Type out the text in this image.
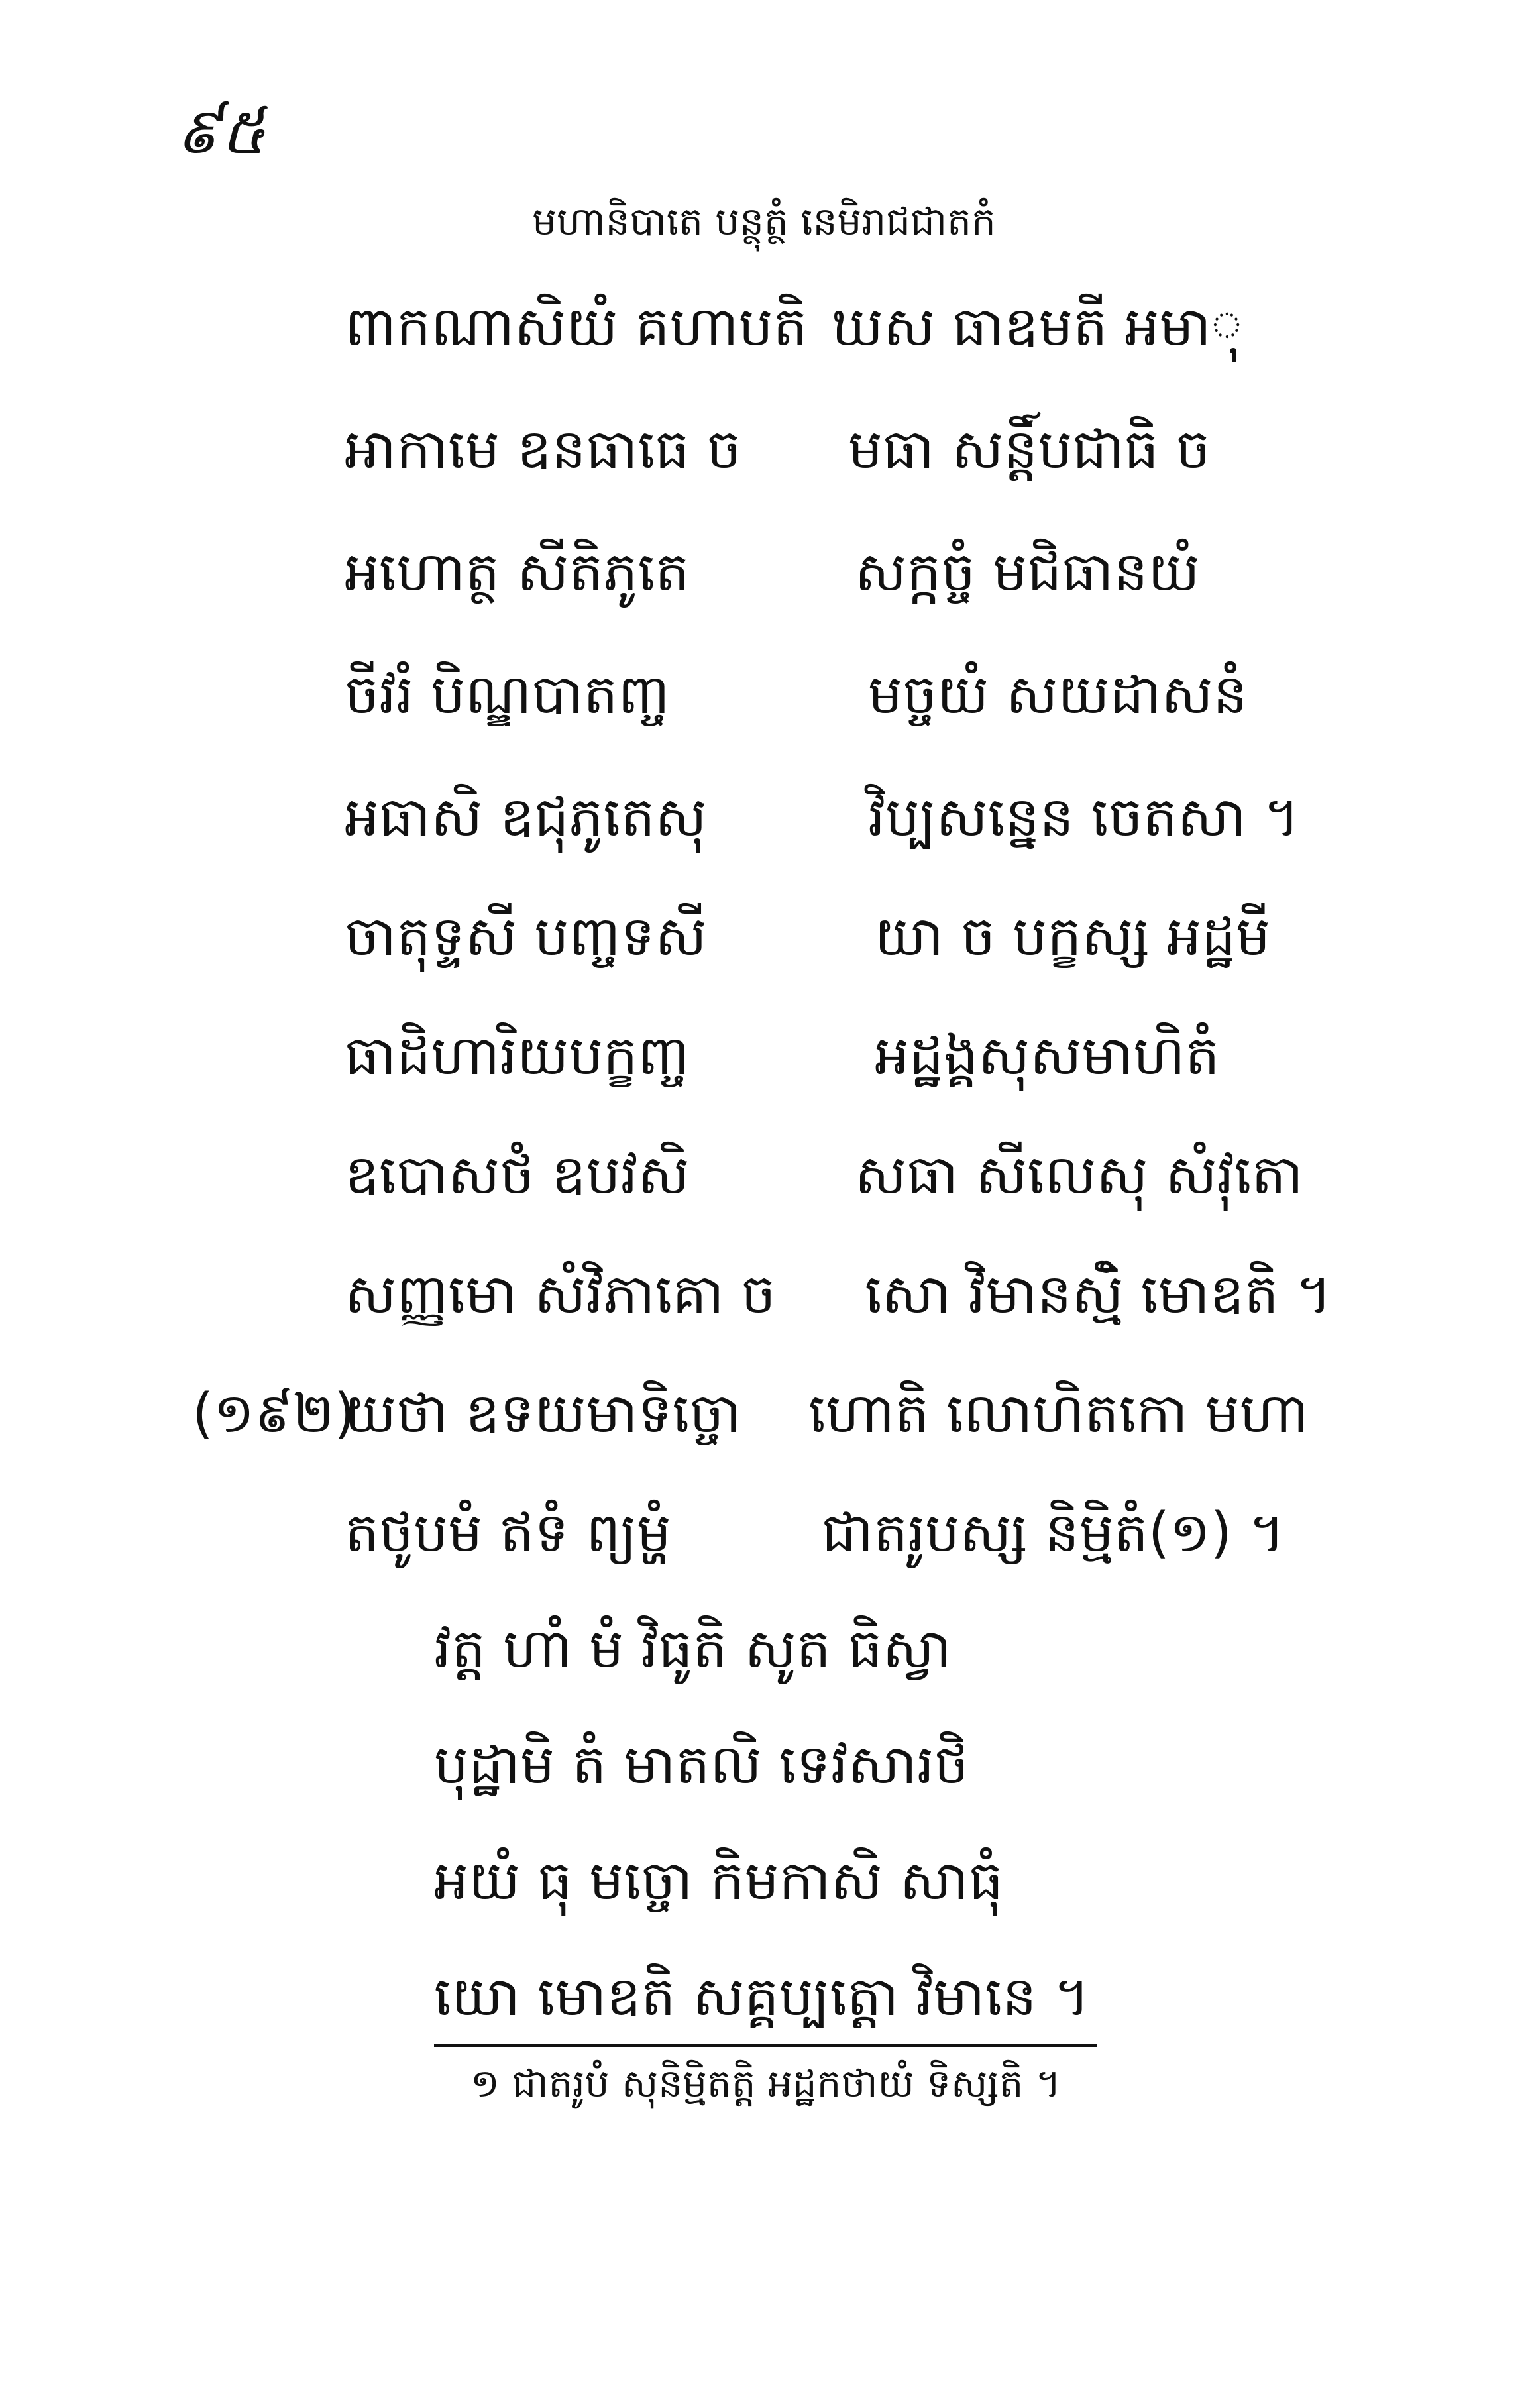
៩៥
មហានិបាតេ បន្ថុត្ថំ នេមិរាជជាតកំ
ពាកណាសិយំ គហាបតិ ឃស ធាឧមតី អមាុ
អាកាមេ ឧនធាធេ ច មធា សន្តិ៍បជាធិ ច
អហោត្ថ សីតិភូតេ	សក្កច្ចំ មជិធានយំ
ចីវរំ បិណ្ឌបាតញ្ច	មច្ចយំ សយដាសនំ
អធាសិ ឧជុភូតេសុ	វិប្បសន្នេន ចេតសា ។
ចាតុទ្ទសី បញ្ចទសី	យា ច បក្ខស្ស អដ្ឋមី
ធាដិហារិយបក្ខញ្ច	អដ្ឋង្គសុសមាហិតំ
ឧបោសថំ ឧបវសិ	សធា សីលេសុ សំវុតោ
សញ្ញមោ សំវិភាគោ ច សោ វិមានស្មិំ មោឧតិ ។
(១៩២)
យថា ឧទយមាទិច្ចោ ហោតិ លោហិតកោ មហា
តថូបមំ ឥទំ ព្យម្ហំ	ជាតរូបស្ស និម្មិតំ(១) ។
វត្ត ហាំ មំ វិធូតិ សូត ធិស្វា
បុដ្ឋាមិ តំ មាតលិ ទេវសារថិ
អយំ ធុ ម​ច្ចោ កិមកាសិ សាធុំ
យោ មោឧតិ សគ្គប្បត្តោ វិមានេ ។
១ ជាតរូបំ សុនិម្មិតត្តិ អដ្ឋកថាយំ ទិស្សតិ ។
